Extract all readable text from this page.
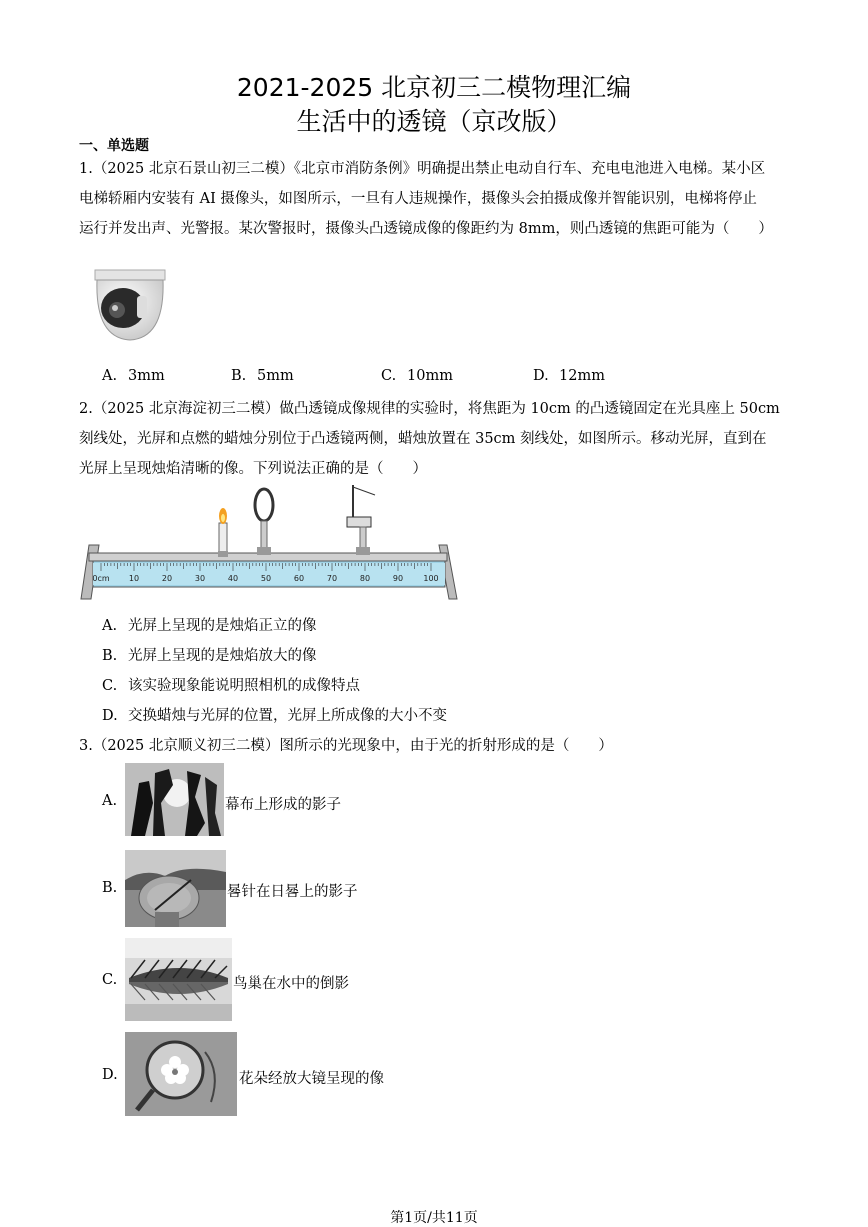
2021-2025 北京初三二模物理汇编
生活中的透镜（京改版）
一、单选题
1.（2025 北京石景山初三二模）《北京市消防条例》明确提出禁止电动自行车、充电电池进入电梯。某小区
电梯轿厢内安装有 AI 摄像头，如图所示，一旦有人违规操作，摄像头会拍摄成像并智能识别，电梯将停止
运行并发出声、光警报。某次警报时，摄像头凸透镜成像的像距约为 8mm，则凸透镜的焦距可能为（　　）
A. 3mm	B. 5mm	C. 10mm	D. 12mm
2.（2025 北京海淀初三二模）做凸透镜成像规律的实验时，将焦距为 10cm 的凸透镜固定在光具座上 50cm
刻线处，光屏和点燃的蜡烛分别位于凸透镜两侧，蜡烛放置在 35cm 刻线处，如图所示。移动光屏，直到在
光屏上呈现烛焰清晰的像。下列说法正确的是（　　）
0cm 10	20	30	40	50	60	70	80	90	100
A. 光屏上呈现的是烛焰正立的像
B. 光屏上呈现的是烛焰放大的像
C. 该实验现象能说明照相机的成像特点
D. 交换蜡烛与光屏的位置，光屏上所成像的大小不变
3.（2025 北京顺义初三二模）图所示的光现象中，由于光的折射形成的是（　　）
A.	幕布上形成的影子
B.	晷针在日晷上的影子
C.	鸟巢在水中的倒影
D.	花朵经放大镜呈现的像
第1页/共11页
